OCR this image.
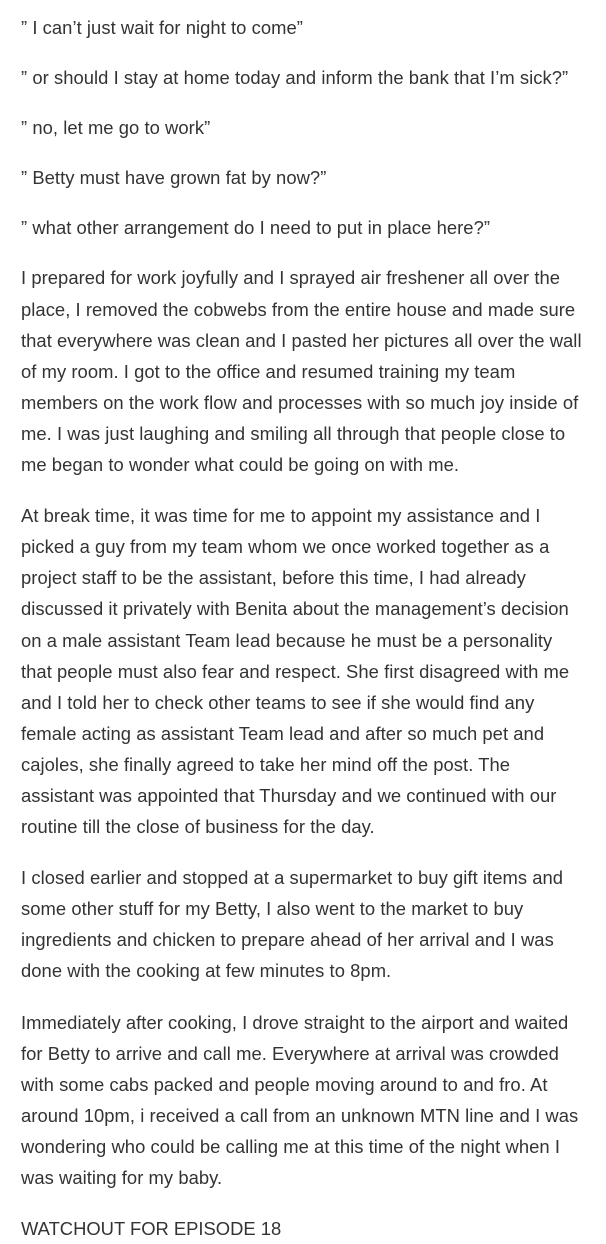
” I can’t just wait for night to come”

” or should I stay at home today and inform the bank that I’m sick?”

” no, let me go to work”

” Betty must have grown fat by now?”

” what other arrangement do I need to put in place here?”

I prepared for work joyfully and I sprayed air freshener all over the
place, I removed the cobwebs from the entire house and made sure
that everywhere was clean and I pasted her pictures all over the wall
of my room. I got to the office and resumed training my team
members on the work flow and processes with so much joy inside of
me. I was just laughing and smiling all through that people close to
me began to wonder what could be going on with me.

At break time, it was time for me to appoint my assistance and I
picked a guy from my team whom we once worked together as a
project staff to be the assistant, before this time, I had already
discussed it privately with Benita about the management’s decision
on a male assistant Team lead because he must be a personality
that people must also fear and respect. She first disagreed with me
and I told her to check other teams to see if she would find any
female acting as assistant Team lead and after so much pet and
cajoles, she finally agreed to take her mind off the post. The
assistant was appointed that Thursday and we continued with our
routine till the close of business for the day.

I closed earlier and stopped at a supermarket to buy gift items and
some other stuff for my Betty, I also went to the market to buy
ingredients and chicken to prepare ahead of her arrival and I was
done with the cooking at few minutes to 8pm.

Immediately after cooking, I drove straight to the airport and waited
for Betty to arrive and call me. Everywhere at arrival was crowded
with some cabs packed and people moving around to and fro. At
around 10pm, i received a call from an unknown MTN line and I was
wondering who could be calling me at this time of the night when I
was waiting for my baby.

WATCHOUT FOR EPISODE 18
